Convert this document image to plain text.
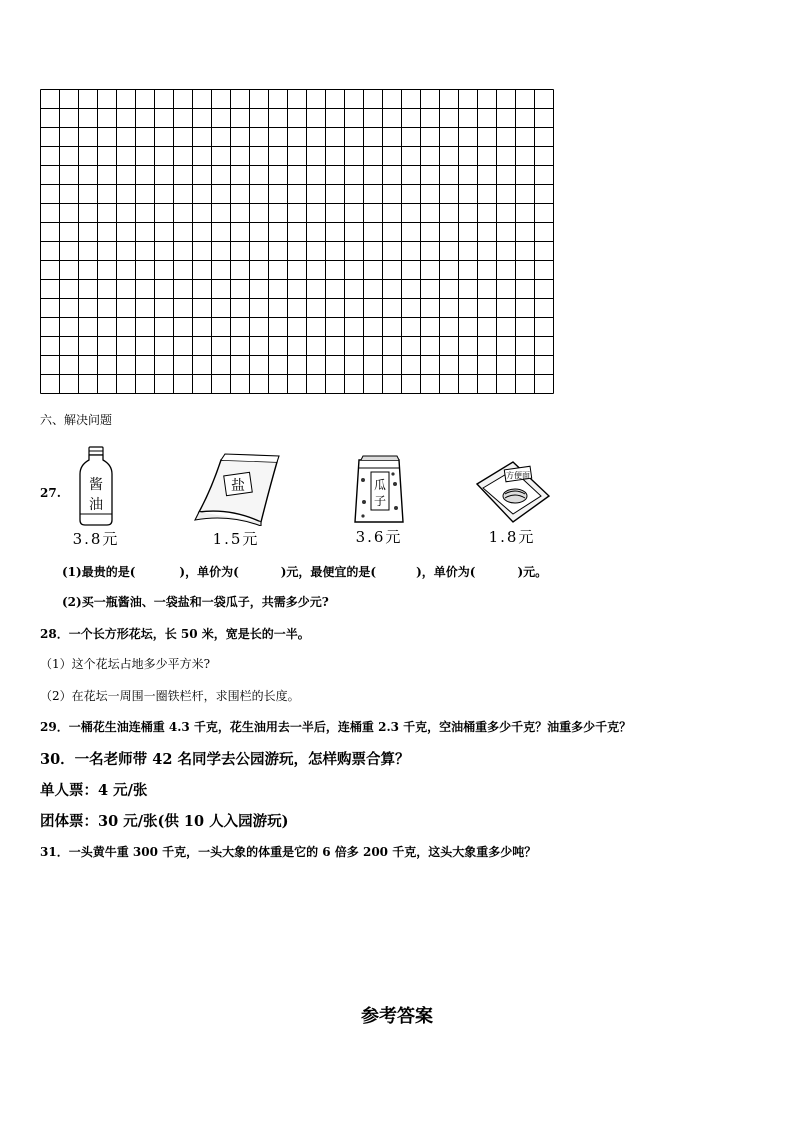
六、解决问题
27. 酱
油
3.8元
盐
1.5元
瓜
子
3.6元
方便面
1.8元
(1)最贵的是(	)，单价为(	)元，最便宜的是(	)，单价为(	)元。
(2)买一瓶酱油、一袋盐和一袋瓜子，共需多少元?
28．一个长方形花坛，长 50 米，宽是长的一半。
（1）这个花坛占地多少平方米?
（2）在花坛一周围一圈铁栏杆，求围栏的长度。
29．一桶花生油连桶重 4.3 千克，花生油用去一半后，连桶重 2.3 千克，空油桶重多少千克？油重多少千克？
30．一名老师带 42 名同学去公园游玩，怎样购票合算？
单人票：4 元/张
团体票：30 元/张(供 10 人入园游玩)
31．一头黄牛重 300 千克，一头大象的体重是它的 6 倍多 200 千克，这头大象重多少吨？
参考答案
